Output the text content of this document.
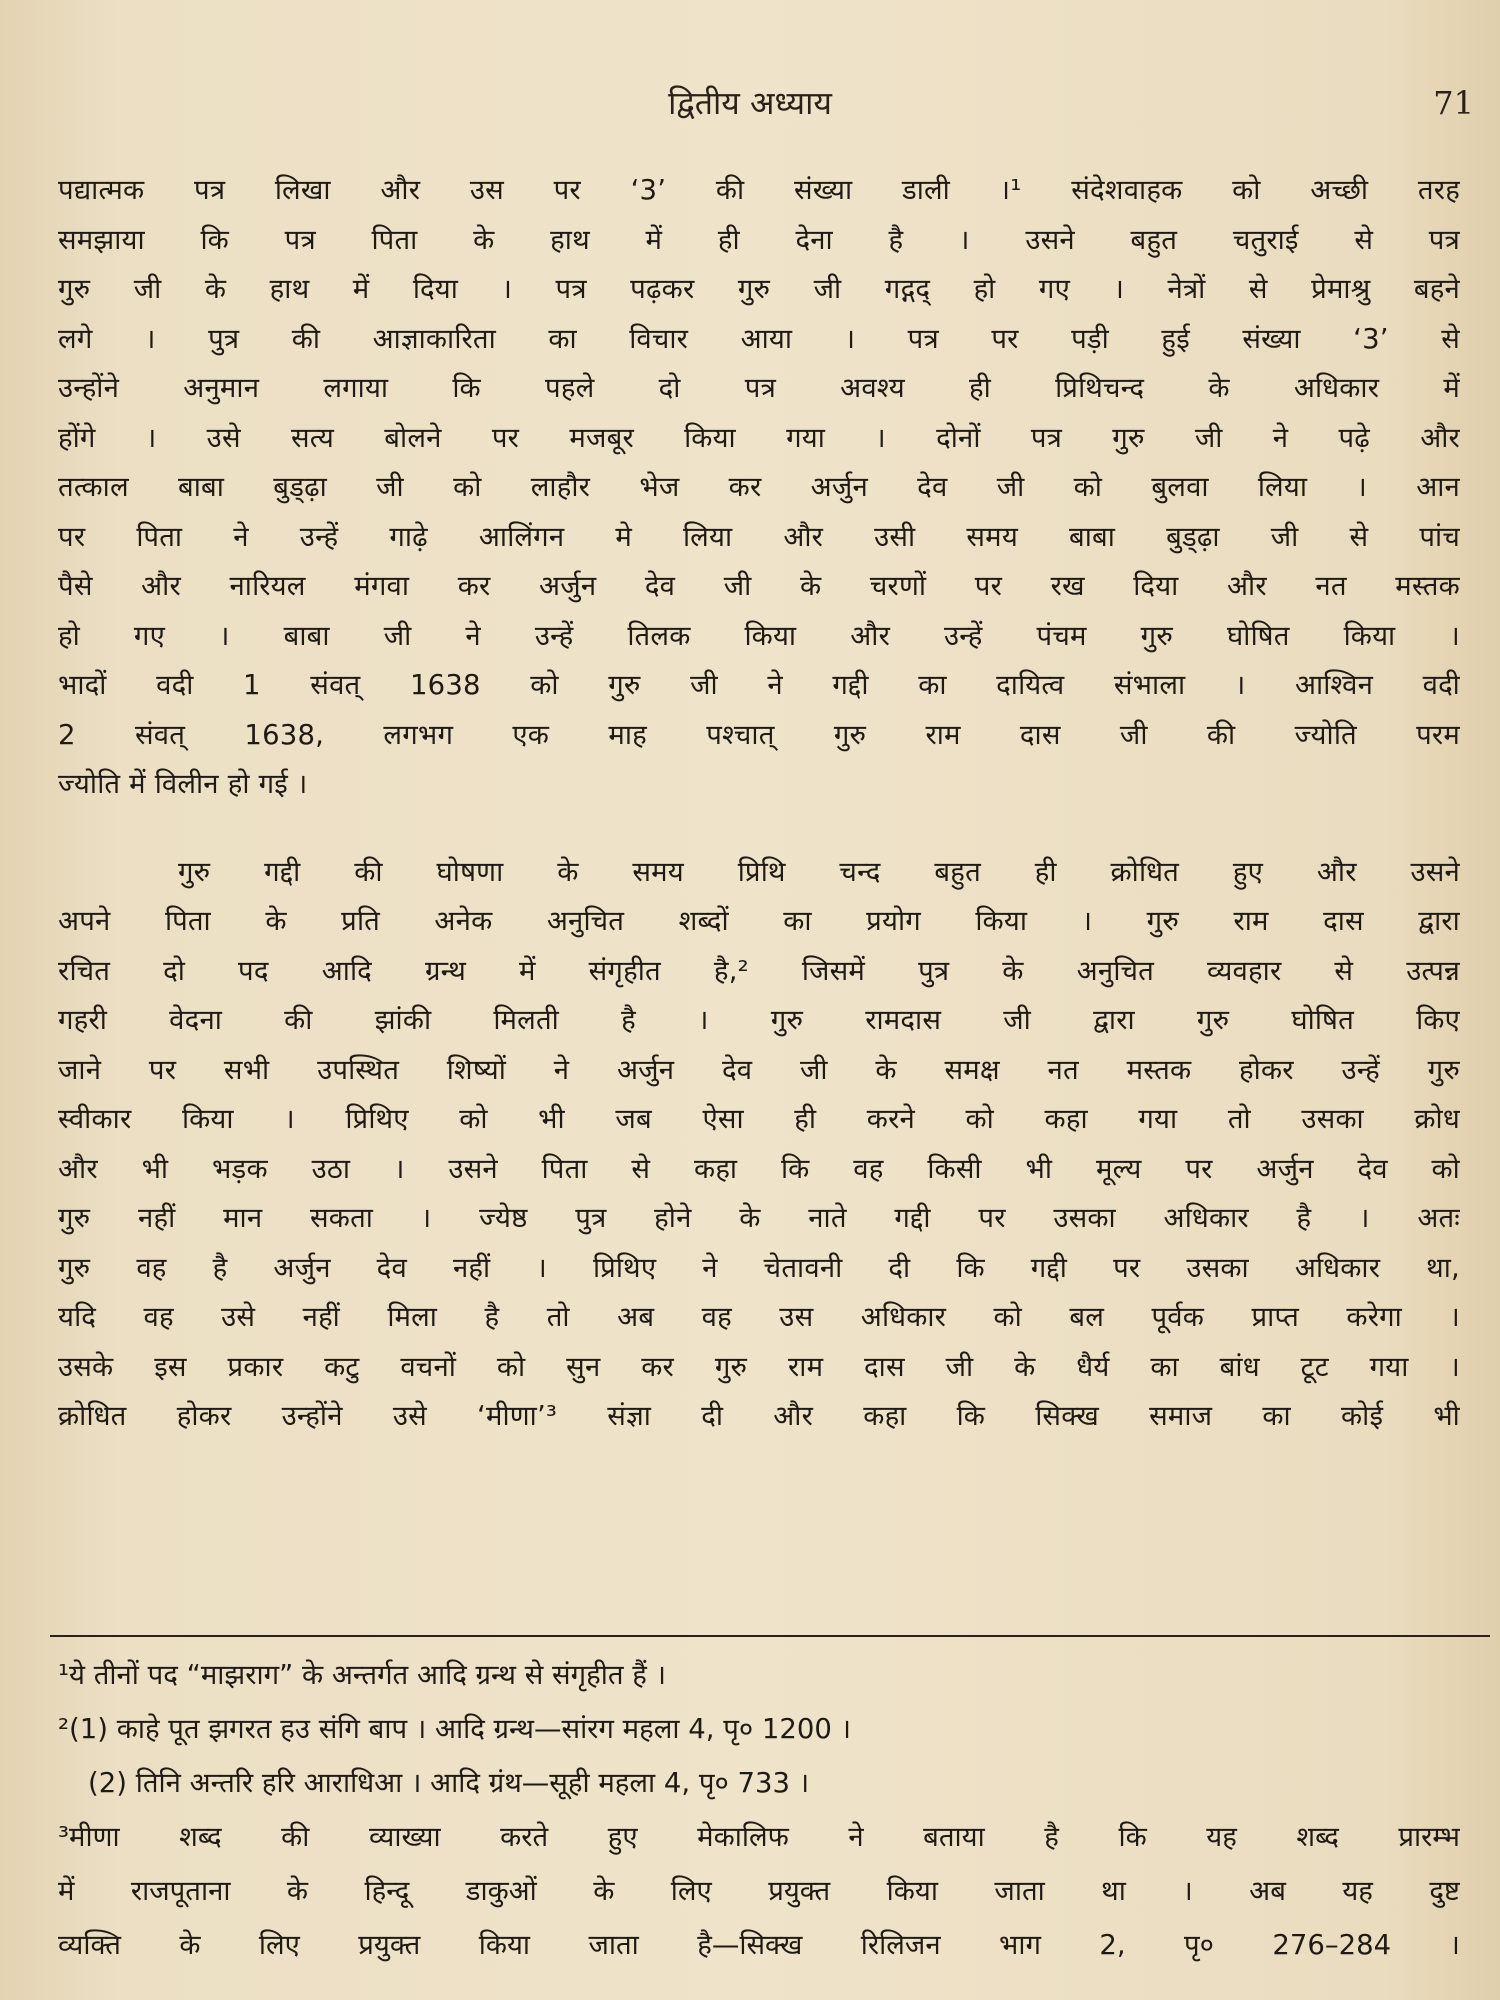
द्वितीय अध्याय	71
पद्यात्मक पत्र लिखा और उस पर ‘3’ की संख्या डाली ।¹ संदेशवाहक को अच्छी तरह
समझाया कि पत्र पिता के हाथ में ही देना है । उसने बहुत चतुराई से पत्र
गुरु जी के हाथ में दिया । पत्र पढ़कर गुरु जी गद्गद् हो गए । नेत्रों से प्रेमाश्रु बहने
लगे । पुत्र की आज्ञाकारिता का विचार आया । पत्र पर पड़ी हुई संख्या ‘3’ से
उन्होंने अनुमान लगाया कि पहले दो पत्र अवश्य ही प्रिथिचन्द के अधिकार में
होंगे । उसे सत्य बोलने पर मजबूर किया गया । दोनों पत्र गुरु जी ने पढ़े और
तत्काल बाबा बुड्ढ़ा जी को लाहौर भेज कर अर्जुन देव जी को बुलवा लिया । आन
पर पिता ने उन्हें गाढ़े आलिंगन मे लिया और उसी समय बाबा बुड्ढ़ा जी से पांच
पैसे और नारियल मंगवा कर अर्जुन देव जी के चरणों पर रख दिया और नत मस्तक
हो गए । बाबा जी ने उन्हें तिलक किया और उन्हें पंचम गुरु घोषित किया ।
भादों वदी 1 संवत् 1638 को गुरु जी ने गद्दी का दायित्व संभाला । आश्विन वदी
2 संवत् 1638, लगभग एक माह पश्चात् गुरु राम दास जी की ज्योति परम
ज्योति में विलीन हो गई ।
गुरु गद्दी की घोषणा के समय प्रिथि चन्द बहुत ही क्रोधित हुए और उसने
अपने पिता के प्रति अनेक अनुचित शब्दों का प्रयोग किया । गुरु राम दास द्वारा
रचित दो पद आदि ग्रन्थ में संगृहीत है,² जिसमें पुत्र के अनुचित व्यवहार से उत्पन्न
गहरी वेदना की झांकी मिलती है । गुरु रामदास जी द्वारा गुरु घोषित किए
जाने पर सभी उपस्थित शिष्यों ने अर्जुन देव जी के समक्ष नत मस्तक होकर उन्हें गुरु
स्वीकार किया । प्रिथिए को भी जब ऐसा ही करने को कहा गया तो उसका क्रोध
और भी भड़क उठा । उसने पिता से कहा कि वह किसी भी मूल्य पर अर्जुन देव को
गुरु नहीं मान सकता । ज्येष्ठ पुत्र होने के नाते गद्दी पर उसका अधिकार है । अतः
गुरु वह है अर्जुन देव नहीं । प्रिथिए ने चेतावनी दी कि गद्दी पर उसका अधिकार था,
यदि वह उसे नहीं मिला है तो अब वह उस अधिकार को बल पूर्वक प्राप्त करेगा ।
उसके इस प्रकार कटु वचनों को सुन कर गुरु राम दास जी के धैर्य का बांध टूट गया ।
क्रोधित होकर उन्होंने उसे ‘मीणा’³ संज्ञा दी और कहा कि सिक्ख समाज का कोई भी
¹ये तीनों पद “माझराग” के अन्तर्गत आदि ग्रन्थ से संगृहीत हैं ।
²(1) काहे पूत झगरत हउ संगि बाप । आदि ग्रन्थ—सांरग महला 4, पृ० 1200 ।
(2) तिनि अन्तरि हरि आराधिआ । आदि ग्रंथ—सूही महला 4, पृ० 733 ।
³मीणा शब्द की व्याख्या करते हुए मेकालिफ ने बताया है कि यह शब्द प्रारम्भ
में राजपूताना के हिन्दू डाकुओं के लिए प्रयुक्त किया जाता था । अब यह दुष्ट
व्यक्ति के लिए प्रयुक्त किया जाता है—सिक्ख रिलिजन भाग 2, पृ० 276–284 ।
